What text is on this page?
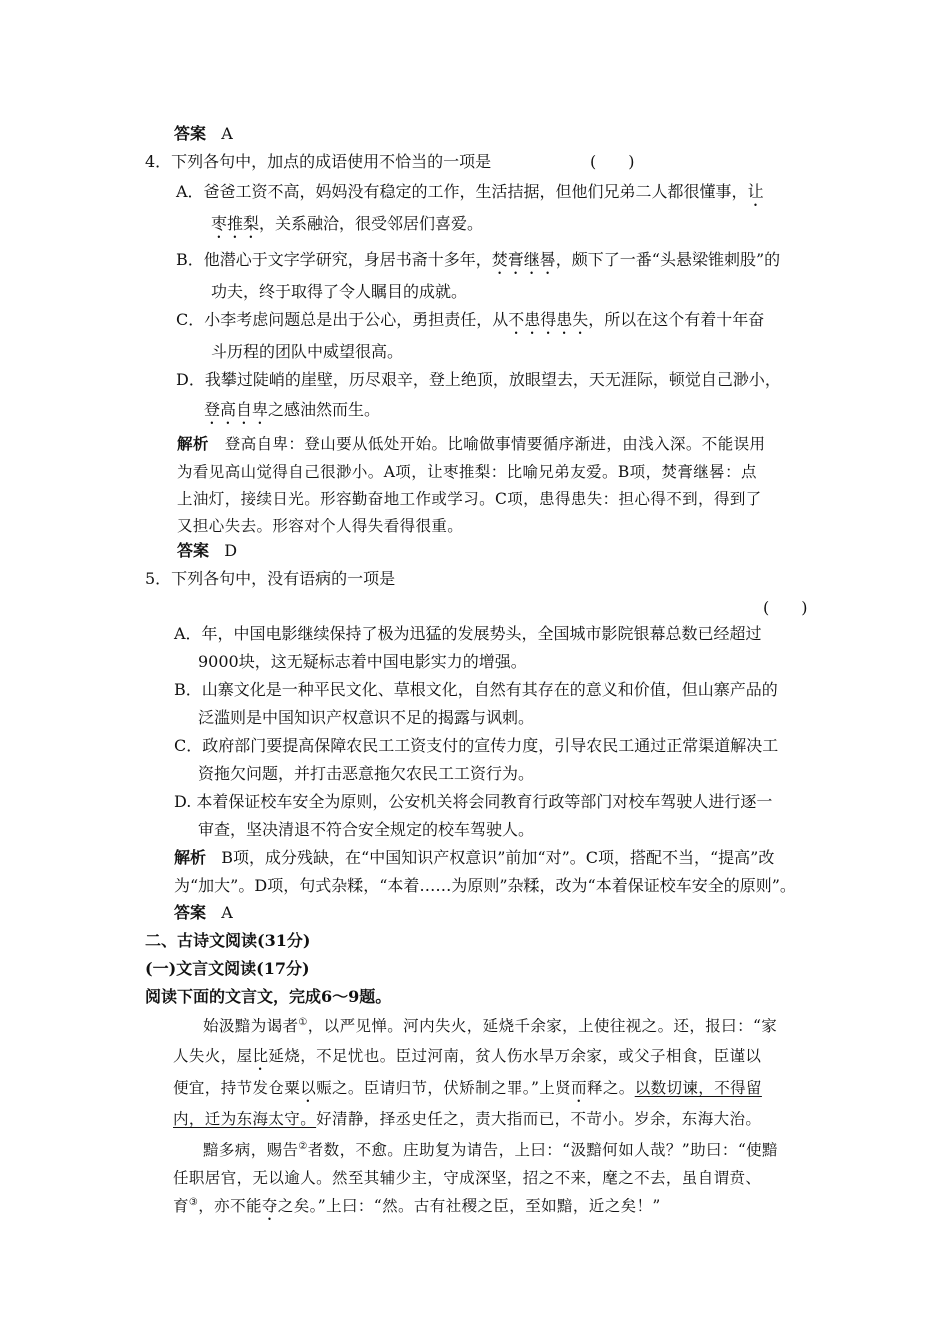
答案 A
4．下列各句中，加点的成语使用不恰当的一项是	(　　)
A．爸爸工资不高，妈妈没有稳定的工作，生活拮据，但他们兄弟二人都很懂事，让
枣推梨，关系融洽，很受邻居们喜爱。
B．他潜心于文字学研究，身居书斋十多年，焚膏继晷，颇下了一番“头悬梁锥刺股”的
功夫，终于取得了令人瞩目的成就。
C．小李考虑问题总是出于公心，勇担责任，从不患得患失，所以在这个有着十年奋
斗历程的团队中威望很高。
D．我攀过陡峭的崖壁，历尽艰辛，登上绝顶，放眼望去，天无涯际，顿觉自己渺小，
登高自卑之感油然而生。
解析 登高自卑：登山要从低处开始。比喻做事情要循序渐进，由浅入深。不能误用
为看见高山觉得自己很渺小。A项，让枣推梨：比喻兄弟友爱。B项，焚膏继晷：点
上油灯，接续日光。形容勤奋地工作或学习。C项，患得患失：担心得不到，得到了
又担心失去。形容对个人得失看得很重。
答案 D
5．下列各句中，没有语病的一项是
(　　)
A．年，中国电影继续保持了极为迅猛的发展势头，全国城市影院银幕总数已经超过
9000块，这无疑标志着中国电影实力的增强。
B．山寨文化是一种平民文化、草根文化，自然有其存在的意义和价值，但山寨产品的
泛滥则是中国知识产权意识不足的揭露与讽刺。
C．政府部门要提高保障农民工工资支付的宣传力度，引导农民工通过正常渠道解决工
资拖欠问题，并打击恶意拖欠农民工工资行为。
D. 本着保证校车安全为原则，公安机关将会同教育行政等部门对校车驾驶人进行逐一
审查，坚决清退不符合安全规定的校车驾驶人。
解析 B项，成分残缺，在“中国知识产权意识”前加“对”。C项，搭配不当，“提高”改
为“加大”。D项，句式杂糅，“本着……为原则”杂糅，改为“本着保证校车安全的原则”。
答案 A
二、古诗文阅读(31分)
(一)文言文阅读(17分)
阅读下面的文言文，完成6～9题。
始汲黯为谒者①，以严见惮。河内失火，延烧千余家，上使往视之。还，报曰：“家
人失火，屋比延烧，不足忧也。臣过河南，贫人伤水旱万余家，或父子相食，臣谨以
便宜，持节发仓粟以赈之。臣请归节，伏矫制之罪。”上贤而释之。以数切谏，不得留
内，迁为东海太守。好清静，择丞史任之，责大指而已，不苛小。岁余，东海大治。
黯多病，赐告②者数，不愈。庄助复为请告，上曰：“汲黯何如人哉？”助曰：“使黯
任职居官，无以逾人。然至其辅少主，守成深坚，招之不来，麾之不去，虽自谓贲、
育③，亦不能夺之矣。”上曰：“然。古有社稷之臣，至如黯，近之矣！”
